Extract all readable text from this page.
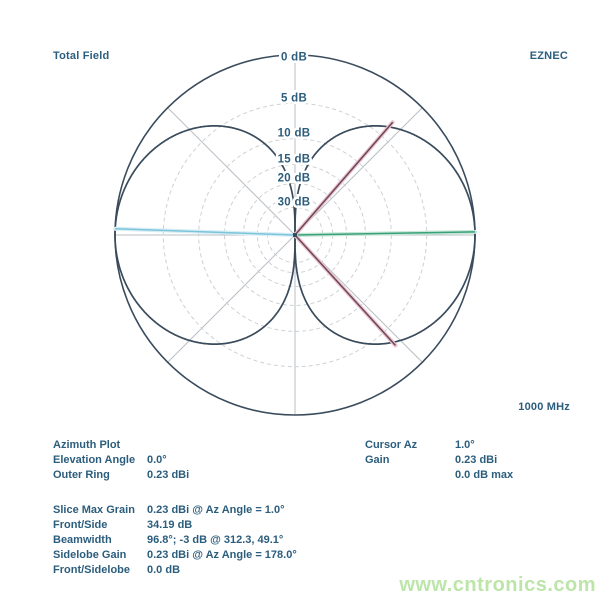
0 dB
5 dB
10 dB
15 dB
20 dB
30 dB
Total Field	EZNEC
1000 MHz
Azimuth Plot
Elevation Angle	0.0°
Outer Ring	0.23 dBi
Cursor Az	1.0°
Gain	0.23 dBi
0.0 dB max
Slice Max Grain	0.23 dBi @ Az Angle = 1.0°
Front/Side	34.19 dB
Beamwidth	96.8°; -3 dB @ 312.3, 49.1°
Sidelobe Gain	0.23 dBi @ Az Angle = 178.0°
Front/Sidelobe	0.0 dB
www.cntronics.com
